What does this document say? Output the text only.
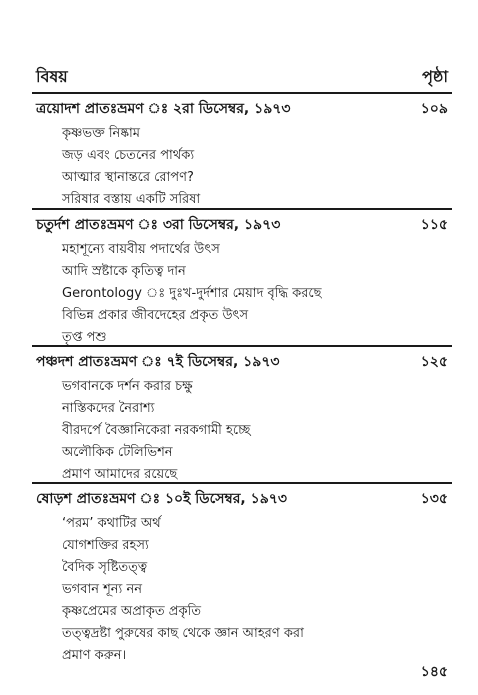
বিষয়	পৃষ্ঠা
ত্রয়োদশ প্রাতঃভ্রমণ ঃ ২রা ডিসেম্বর, ১৯৭৩	১০৯
কৃষ্ণভক্ত নিষ্কাম
জড় এবং চেতনের পার্থক্য
আত্মার স্থানান্তরে রোপণ?
সরিষার বস্তায় একটি সরিষা
চতুর্দশ প্রাতঃভ্রমণ ঃ ৩রা ডিসেম্বর, ১৯৭৩	১১৫
মহাশূন্যে বায়বীয় পদার্থের উৎস
আদি স্রষ্টাকে কৃতিত্ব দান
Gerontology ঃ দুঃখ-দুর্দশার মেয়াদ বৃদ্ধি করছে
বিভিন্ন প্রকার জীবদেহের প্রকৃত উৎস
তৃপ্ত পশু
পঞ্চদশ প্রাতঃভ্রমণ ঃ ৭ই ডিসেম্বর, ১৯৭৩	১২৫
ভগবানকে দর্শন করার চক্ষু
নাস্তিকদের নৈরাশ্য
বীরদর্পে বৈজ্ঞানিকেরা নরকগামী হচ্ছে
অলৌকিক টেলিভিশন
প্রমাণ আমাদের রয়েছে
ষোড়শ প্রাতঃভ্রমণ ঃ ১০ই ডিসেম্বর, ১৯৭৩	১৩৫
‘পরম’ কথাটির অর্থ
যোগশক্তির রহস্য
বৈদিক সৃষ্টিতত্ত্ব
ভগবান শূন্য নন
কৃষ্ণপ্রেমের অপ্রাকৃত প্রকৃতি
তত্ত্বদ্রষ্টা পুরুষের কাছ থেকে জ্ঞান আহরণ করা
প্রমাণ করুন।
১৪৫
